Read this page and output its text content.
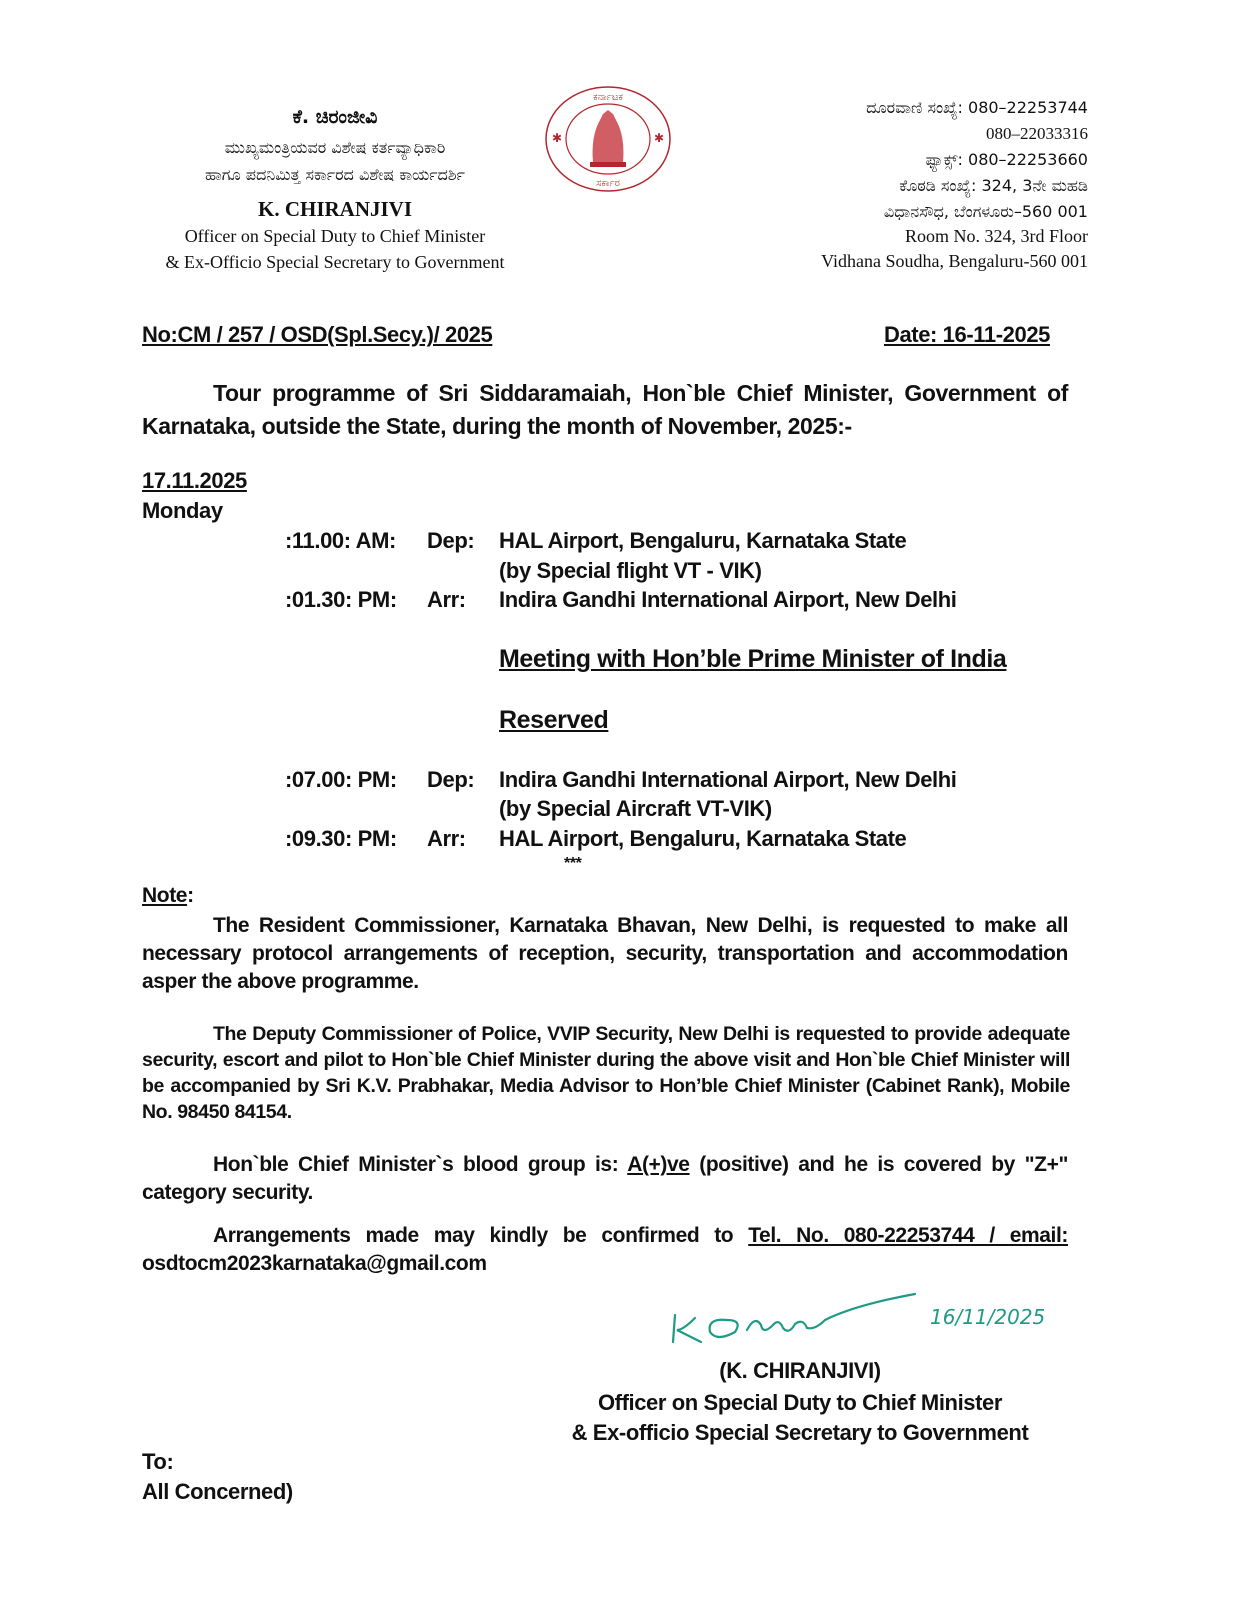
ಕೆ. ಚಿರಂಜೀವಿ
ಮುಖ್ಯಮಂತ್ರಿಯವರ ವಿಶೇಷ ಕರ್ತವ್ಯಾಧಿಕಾರಿ
ಹಾಗೂ ಪದನಿಮಿತ್ತ ಸರ್ಕಾರದ ವಿಶೇಷ ಕಾರ್ಯದರ್ಶಿ
K. CHIRANJIVI
Officer on Special Duty to Chief Minister
& Ex-Officio Special Secretary to Government
✱	✱
ಕರ್ನಾಟಕ
ಸರ್ಕಾರ
ದೂರವಾಣಿ ಸಂಖ್ಯೆ: 080–22253744
080–22033316
ಫ್ಯಾಕ್ಸ್: 080–22253660
ಕೊಠಡಿ ಸಂಖ್ಯೆ: 324, 3ನೇ ಮಹಡಿ
ವಿಧಾನಸೌಧ, ಬೆಂಗಳೂರು–560 001
Room No. 324, 3rd Floor
Vidhana Soudha, Bengaluru-560 001
No:CM / 257 / OSD(Spl.Secy.)/ 2025	Date: 16-11-2025
Tour programme of Sri Siddaramaiah, Hon`ble Chief Minister, Government of Karnataka, outside the State, during the month of November, 2025:-
17.11.2025
Monday
:11.00: AM: Dep: HAL Airport, Bengaluru, Karnataka State
(by Special flight VT - VIK)
:01.30: PM: Arr: Indira Gandhi International Airport, New Delhi
Meeting with Hon’ble Prime Minister of India
Reserved
:07.00: PM: Dep: Indira Gandhi International Airport, New Delhi
(by Special Aircraft VT-VIK)
:09.30: PM: Arr: HAL Airport, Bengaluru, Karnataka State
***
Note:
The Resident Commissioner, Karnataka Bhavan, New Delhi, is requested to make all necessary protocol arrangements of reception, security, transportation and accommodation asper the above programme.
The Deputy Commissioner of Police, VVIP Security, New Delhi is requested to provide adequate security, escort and pilot to Hon`ble Chief Minister during the above visit and Hon`ble Chief Minister will be accompanied by Sri K.V. Prabhakar, Media Advisor to Hon’ble Chief Minister (Cabinet Rank), Mobile No. 98450 84154.
Hon`ble Chief Minister`s blood group is: A(+)ve (positive) and he is covered by "Z+" category security.
Arrangements made may kindly be confirmed to Tel. No. 080-22253744 / email: osdtocm2023karnataka@gmail.com
16/11/2025
(K. CHIRANJIVI)
Officer on Special Duty to Chief Minister
& Ex-officio Special Secretary to Government
To:
All Concerned)
